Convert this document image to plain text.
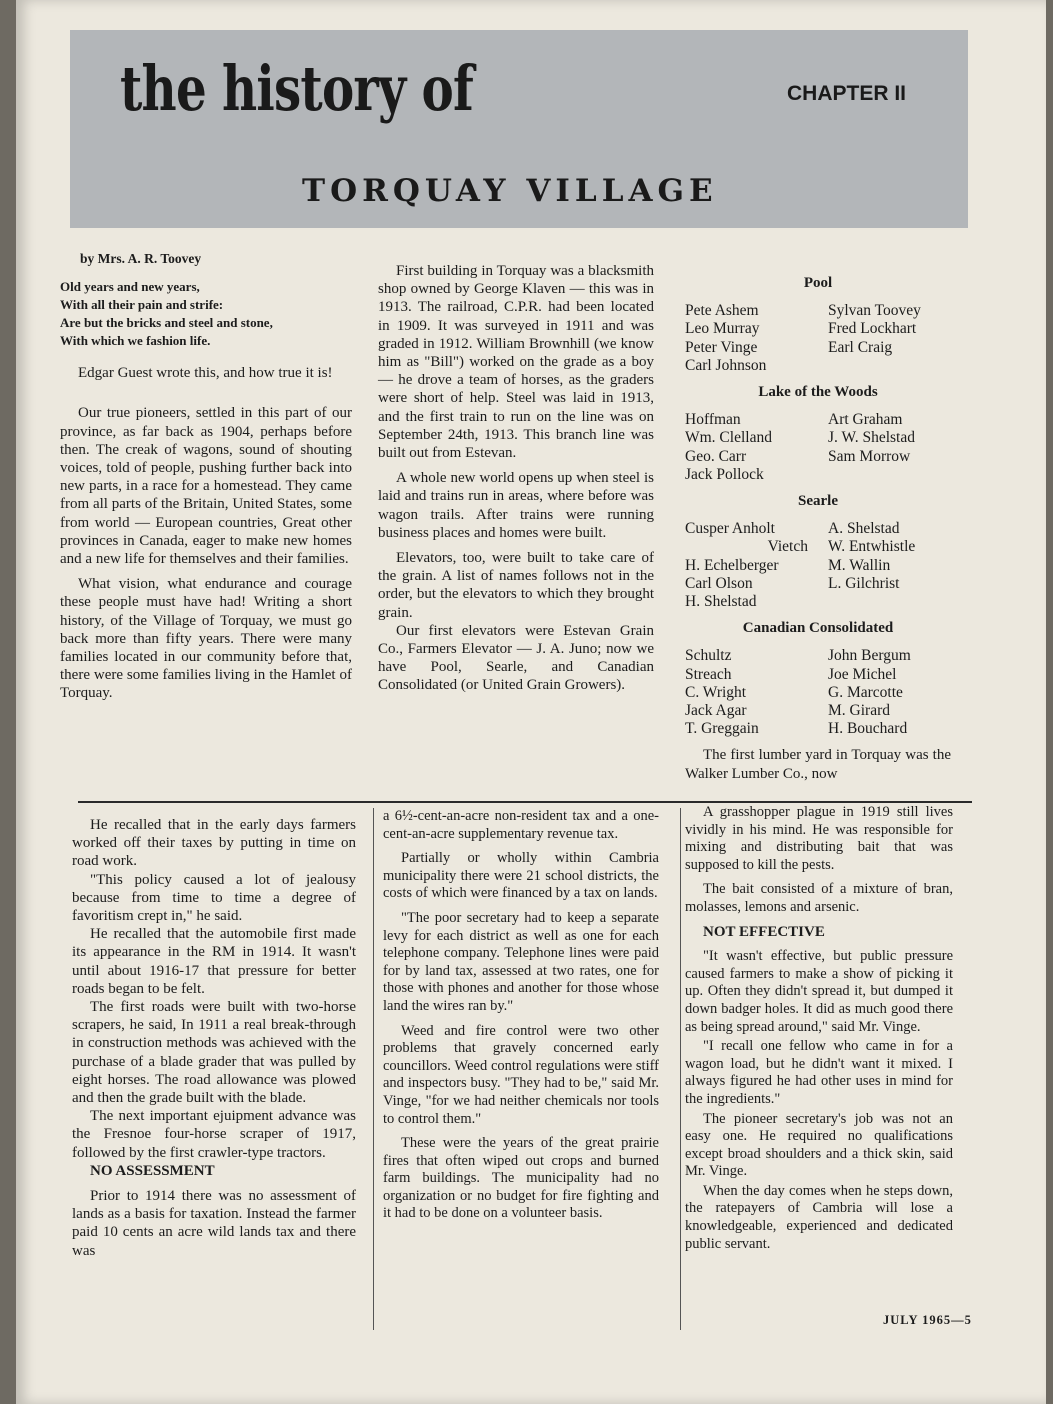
the history of	CHAPTER II
TORQUAY VILLAGE

by Mrs. A. R. Toovey

Old years and new years,
With all their pain and strife:
Are but the bricks and steel and stone,
With which we fashion life.

Edgar Guest wrote this, and how true it is!

Our true pioneers, settled in this part of our province, as far back as 1904, perhaps before then. The creak of wagons, sound of shouting voices, told of people, pushing further back into new parts, in a race for a homestead. They came from all parts of the Britain, United States, some from world — European countries, Great other provinces in Canada, eager to make new homes and a new life for themselves and their families.

What vision, what endurance and courage these people must have had! Writing a short history, of the Village of Torquay, we must go back more than fifty years. There were many families located in our community before that, there were some families living in the Hamlet of Torquay.

First building in Torquay was a blacksmith shop owned by George Klaven — this was in 1913. The railroad, C.P.R. had been located in 1909. It was surveyed in 1911 and was graded in 1912. William Brownhill (we know him as "Bill") worked on the grade as a boy — he drove a team of horses, as the graders were short of help. Steel was laid in 1913, and the first train to run on the line was on September 24th, 1913. This branch line was built out from Estevan.

A whole new world opens up when steel is laid and trains run in areas, where before was wagon trails. After trains were running business places and homes were built.

Elevators, too, were built to take care of the grain. A list of names follows not in the order, but the elevators to which they brought grain.

Our first elevators were Estevan Grain Co., Farmers Elevator — J. A. Juno; now we have Pool, Searle, and Canadian Consolidated (or United Grain Growers).

Pool
Pete Ashem
Leo Murray
Peter Vinge
Carl Johnson
Sylvan Toovey
Fred Lockhart
Earl Craig
Lake of the Woods
Hoffman
Wm. Clelland
Geo. Carr
Jack Pollock
Art Graham
J. W. Shelstad
Sam Morrow
Searle
Cusper Anholt
Vietch
H. Echelberger
Carl Olson
H. Shelstad
A. Shelstad
W. Entwhistle
M. Wallin
L. Gilchrist
Canadian Consolidated
Schultz
Streach
C. Wright
Jack Agar
T. Greggain
John Bergum
Joe Michel
G. Marcotte
M. Girard
H. Bouchard

The first lumber yard in Torquay was the Walker Lumber Co., now

He recalled that in the early days farmers worked off their taxes by putting in time on road work.

"This policy caused a lot of jealousy because from time to time a degree of favoritism crept in," he said.

He recalled that the automobile first made its appearance in the RM in 1914. It wasn't until about 1916-17 that pressure for better roads began to be felt.

The first roads were built with two-horse scrapers, he said, In 1911 a real break-through in construction methods was achieved with the purchase of a blade grader that was pulled by eight horses. The road allowance was plowed and then the grade built with the blade.

The next important ejuipment advance was the Fresnoe four-horse scraper of 1917, followed by the first crawler-type tractors.

NO ASSESSMENT

Prior to 1914 there was no assessment of lands as a basis for taxation. Instead the farmer paid 10 cents an acre wild lands tax and there was

a 6½-cent-an-acre non-resident tax and a one-cent-an-acre supplementary revenue tax.

Partially or wholly within Cambria municipality there were 21 school districts, the costs of which were financed by a tax on lands.

"The poor secretary had to keep a separate levy for each district as well as one for each telephone company. Telephone lines were paid for by land tax, assessed at two rates, one for those with phones and another for those whose land the wires ran by."

Weed and fire control were two other problems that gravely concerned early councillors. Weed control regulations were stiff and inspectors busy. "They had to be," said Mr. Vinge, "for we had neither chemicals nor tools to control them."

These were the years of the great prairie fires that often wiped out crops and burned farm buildings. The municipality had no organization or no budget for fire fighting and it had to be done on a volunteer basis.

A grasshopper plague in 1919 still lives vividly in his mind. He was responsible for mixing and distributing bait that was supposed to kill the pests.

The bait consisted of a mixture of bran, molasses, lemons and arsenic.

NOT EFFECTIVE

"It wasn't effective, but public pressure caused farmers to make a show of picking it up. Often they didn't spread it, but dumped it down badger holes. It did as much good there as being spread around," said Mr. Vinge.

"I recall one fellow who came in for a wagon load, but he didn't want it mixed. I always figured he had other uses in mind for the ingredients."

The pioneer secretary's job was not an easy one. He required no qualifications except broad shoulders and a thick skin, said Mr. Vinge.

When the day comes when he steps down, the ratepayers of Cambria will lose a knowledgeable, experienced and dedicated public servant.

JULY 1965—5
